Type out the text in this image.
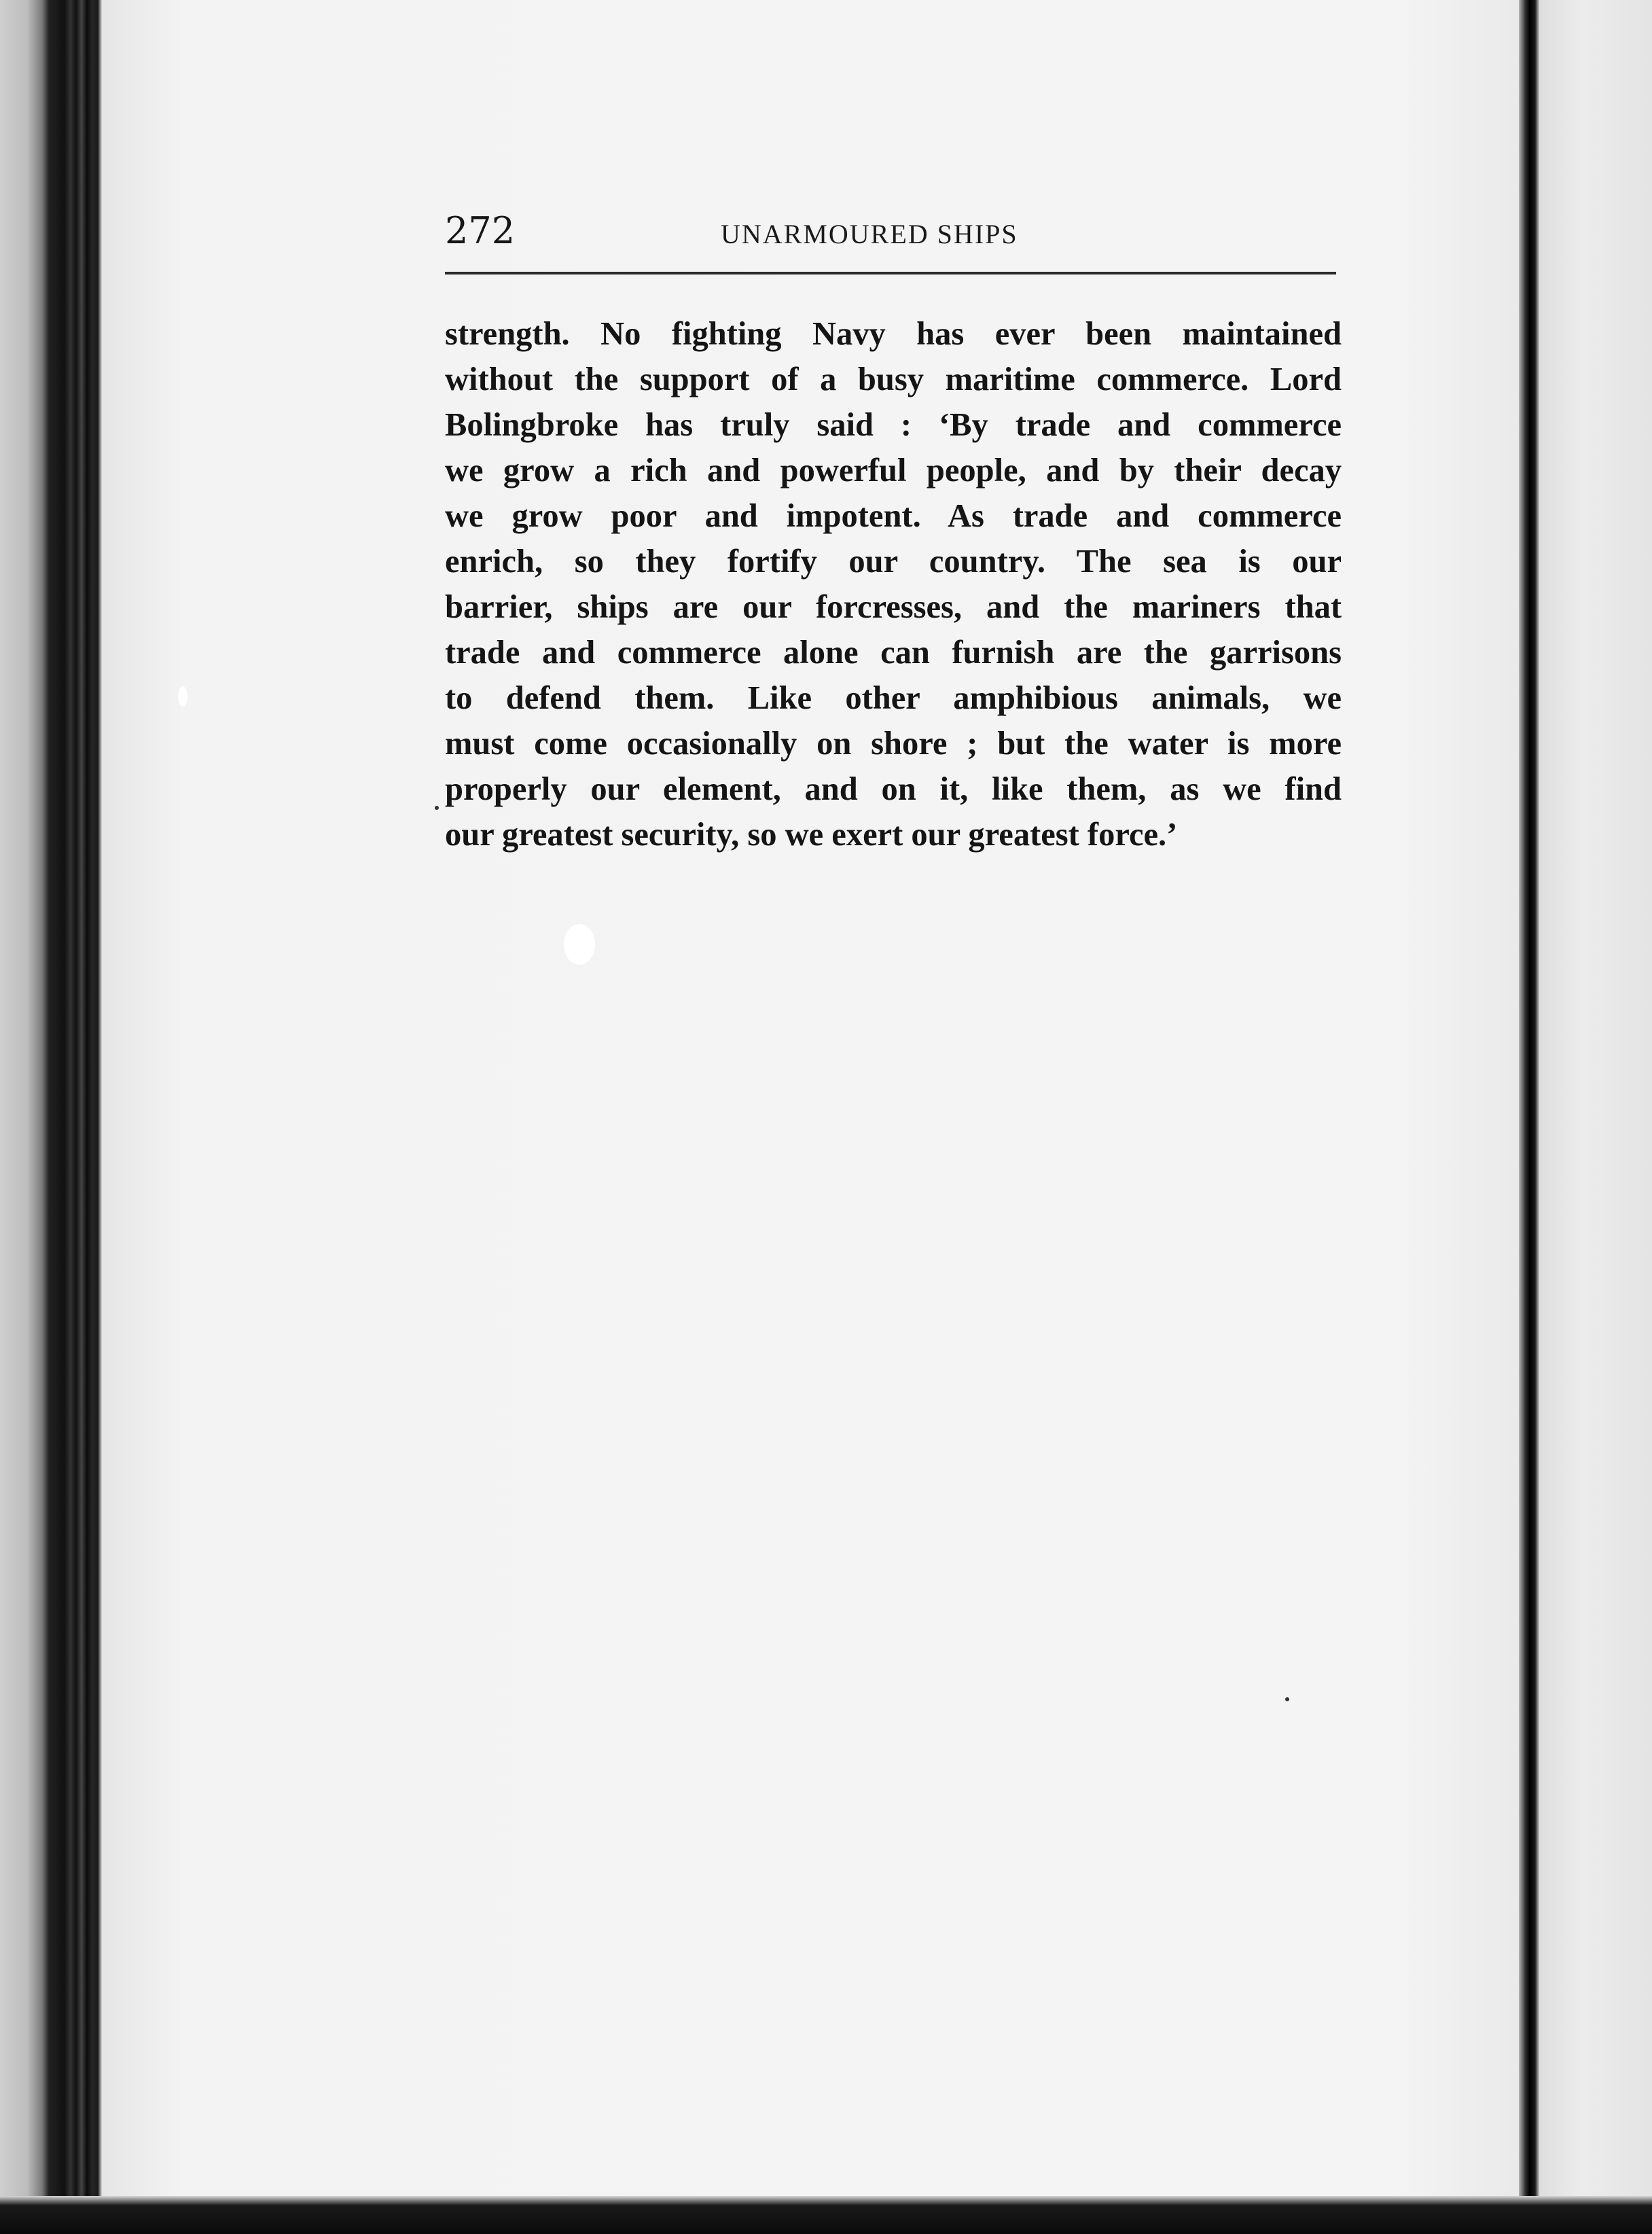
272	UNARMOURED SHIPS
strength. No fighting Navy has ever been maintained
without the support of a busy maritime commerce. Lord
Bolingbroke has truly said : ‘By trade and commerce
we grow a rich and powerful people, and by their decay
we grow poor and impotent. As trade and commerce
enrich, so they fortify our country. The sea is our
barrier, ships are our forcresses, and the mariners that
trade and commerce alone can furnish are the garrisons
to defend them. Like other amphibious animals, we
must come occasionally on shore ; but the water is more
properly our element, and on it, like them, as we find
our greatest security, so we exert our greatest force.’
